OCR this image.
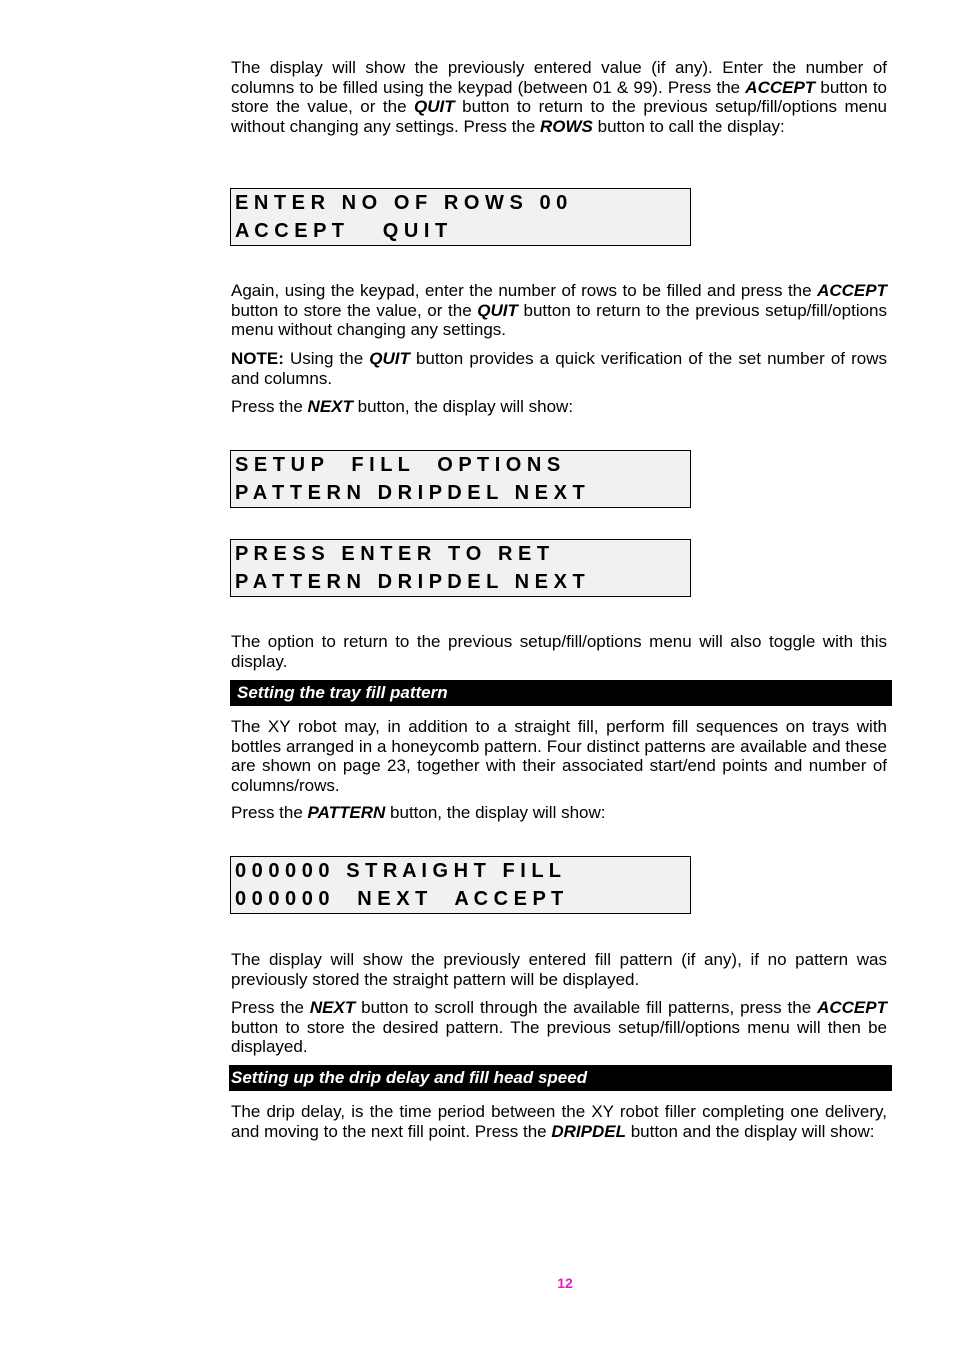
The display will show the previously entered value (if any). Enter the number of columns to be filled using the keypad (between 01 & 99). Press the ACCEPT button to store the value, or the QUIT button to return to the previous setup/fill/options menu without changing any settings. Press the ROWS button to call the display:

E N T E R   N O   O F   R O W S   0 0
A C C E P T       Q U I T

Again, using the keypad, enter the number of rows to be filled and press the ACCEPT button to store the value, or the QUIT button to return to the previous setup/fill/options menu without changing any settings.

NOTE: Using the QUIT button provides a quick verification of the set number of rows and columns.

Press the NEXT button, the display will show:

S E T U P     F I L L     O P T I O N S
P A T T E R N   D R I P D E L   N E X T
P R E S S   E N T E R   T O   R E T
P A T T E R N   D R I P D E L   N E X T

The option to return to the previous setup/fill/options menu will also toggle with this display.

Setting the tray fill pattern

The XY robot may, in addition to a straight fill, perform fill sequences on trays with bottles arranged in a honeycomb pattern. Four distinct patterns are available and these are shown on page 23, together with their associated start/end points and number of columns/rows.

Press the PATTERN button, the display will show:

0 0 0 0 0 0   S T R A I G H T   F I L L
0 0 0 0 0 0     N E X T     A C C E P T

The display will show the previously entered fill pattern (if any), if no pattern was previously stored the straight pattern will be displayed.

Press the NEXT button to scroll through the available fill patterns, press the ACCEPT button to store the desired pattern. The previous setup/fill/options menu will then be displayed.

Setting up the drip delay and fill head speed

The drip delay, is the time period between the XY robot filler completing one delivery, and moving to the next fill point. Press the DRIPDEL button and the display will show:

12
